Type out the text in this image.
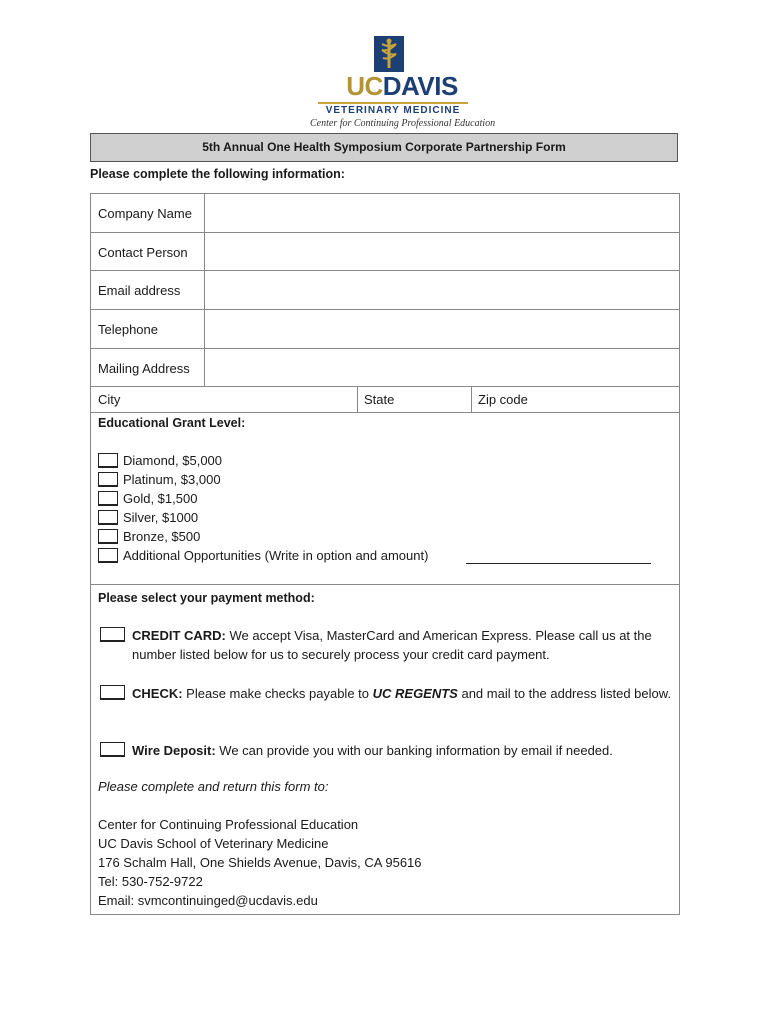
UCDAVIS
VETERINARY MEDICINE
Center for Continuing Professional Education
5th Annual One Health Symposium Corporate Partnership Form
Please complete the following information:
Company Name
Contact Person
Email address
Telephone
Mailing Address
City	State	Zip code
Educational Grant Level:
Diamond, $5,000
Platinum, $3,000
Gold, $1,500
Silver, $1000
Bronze, $500
Additional Opportunities (Write in option and amount)
Please select your payment method:
CREDIT CARD: We accept Visa, MasterCard and American Express. Please call us at the number listed below for us to securely process your credit card payment.
CHECK: Please make checks payable to UC REGENTS and mail to the address listed below.
Wire Deposit: We can provide you with our banking information by email if needed.
Please complete and return this form to:
Center for Continuing Professional Education
UC Davis School of Veterinary Medicine
176 Schalm Hall, One Shields Avenue, Davis, CA 95616
Tel: 530-752-9722
Email: svmcontinuinged@ucdavis.edu
